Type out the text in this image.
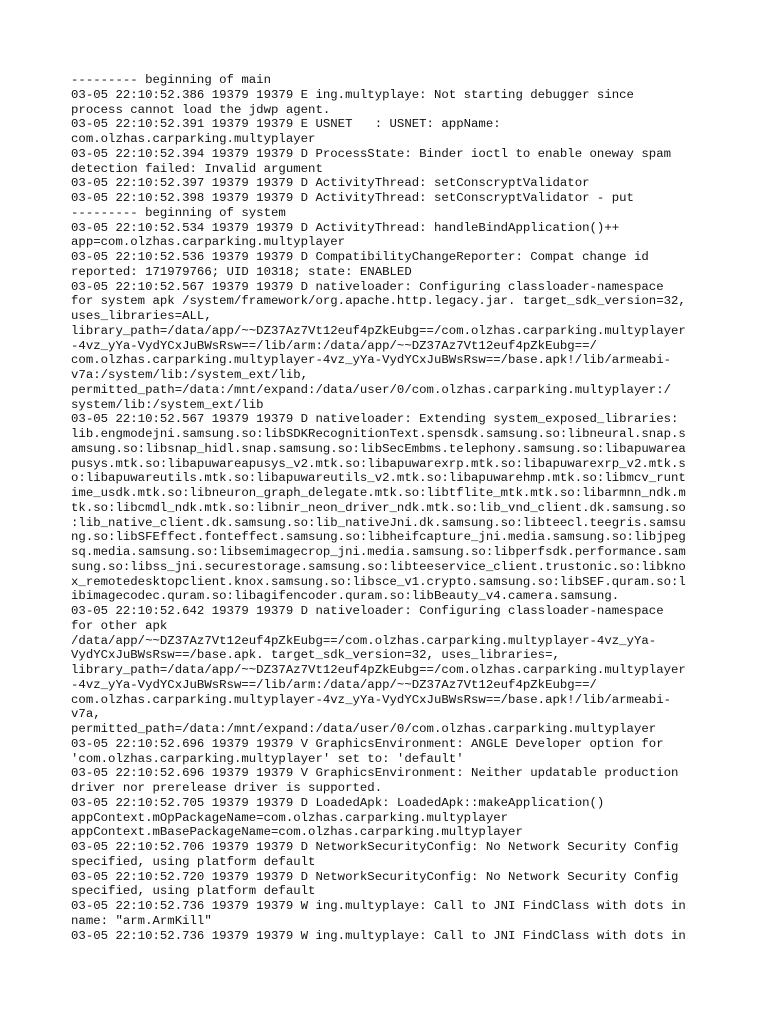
--------- beginning of main
03-05 22:10:52.386 19379 19379 E ing.multyplaye: Not starting debugger since
process cannot load the jdwp agent.
03-05 22:10:52.391 19379 19379 E USNET   : USNET: appName:
com.olzhas.carparking.multyplayer
03-05 22:10:52.394 19379 19379 D ProcessState: Binder ioctl to enable oneway spam
detection failed: Invalid argument
03-05 22:10:52.397 19379 19379 D ActivityThread: setConscryptValidator
03-05 22:10:52.398 19379 19379 D ActivityThread: setConscryptValidator - put
--------- beginning of system
03-05 22:10:52.534 19379 19379 D ActivityThread: handleBindApplication()++
app=com.olzhas.carparking.multyplayer
03-05 22:10:52.536 19379 19379 D CompatibilityChangeReporter: Compat change id
reported: 171979766; UID 10318; state: ENABLED
03-05 22:10:52.567 19379 19379 D nativeloader: Configuring classloader-namespace
for system apk /system/framework/org.apache.http.legacy.jar. target_sdk_version=32,
uses_libraries=ALL,
library_path=/data/app/~~DZ37Az7Vt12euf4pZkEubg==/com.olzhas.carparking.multyplayer
-4vz_yYa-VydYCxJuBWsRsw==/lib/arm:/data/app/~~DZ37Az7Vt12euf4pZkEubg==/
com.olzhas.carparking.multyplayer-4vz_yYa-VydYCxJuBWsRsw==/base.apk!/lib/armeabi-
v7a:/system/lib:/system_ext/lib,
permitted_path=/data:/mnt/expand:/data/user/0/com.olzhas.carparking.multyplayer:/
system/lib:/system_ext/lib
03-05 22:10:52.567 19379 19379 D nativeloader: Extending system_exposed_libraries:
lib.engmodejni.samsung.so:libSDKRecognitionText.spensdk.samsung.so:libneural.snap.s
amsung.so:libsnap_hidl.snap.samsung.so:libSecEmbms.telephony.samsung.so:libapuwarea
pusys.mtk.so:libapuwareapusys_v2.mtk.so:libapuwarexrp.mtk.so:libapuwarexrp_v2.mtk.s
o:libapuwareutils.mtk.so:libapuwareutils_v2.mtk.so:libapuwarehmp.mtk.so:libmcv_runt
ime_usdk.mtk.so:libneuron_graph_delegate.mtk.so:libtflite_mtk.mtk.so:libarmnn_ndk.m
tk.so:libcmdl_ndk.mtk.so:libnir_neon_driver_ndk.mtk.so:lib_vnd_client.dk.samsung.so
:lib_native_client.dk.samsung.so:lib_nativeJni.dk.samsung.so:libteecl.teegris.samsu
ng.so:libSFEffect.fonteffect.samsung.so:libheifcapture_jni.media.samsung.so:libjpeg
sq.media.samsung.so:libsemimagecrop_jni.media.samsung.so:libperfsdk.performance.sam
sung.so:libss_jni.securestorage.samsung.so:libteeservice_client.trustonic.so:libkno
x_remotedesktopclient.knox.samsung.so:libsce_v1.crypto.samsung.so:libSEF.quram.so:l
ibimagecodec.quram.so:libagifencoder.quram.so:libBeauty_v4.camera.samsung.
03-05 22:10:52.642 19379 19379 D nativeloader: Configuring classloader-namespace
for other apk
/data/app/~~DZ37Az7Vt12euf4pZkEubg==/com.olzhas.carparking.multyplayer-4vz_yYa-
VydYCxJuBWsRsw==/base.apk. target_sdk_version=32, uses_libraries=,
library_path=/data/app/~~DZ37Az7Vt12euf4pZkEubg==/com.olzhas.carparking.multyplayer
-4vz_yYa-VydYCxJuBWsRsw==/lib/arm:/data/app/~~DZ37Az7Vt12euf4pZkEubg==/
com.olzhas.carparking.multyplayer-4vz_yYa-VydYCxJuBWsRsw==/base.apk!/lib/armeabi-
v7a,
permitted_path=/data:/mnt/expand:/data/user/0/com.olzhas.carparking.multyplayer
03-05 22:10:52.696 19379 19379 V GraphicsEnvironment: ANGLE Developer option for
'com.olzhas.carparking.multyplayer' set to: 'default'
03-05 22:10:52.696 19379 19379 V GraphicsEnvironment: Neither updatable production
driver nor prerelease driver is supported.
03-05 22:10:52.705 19379 19379 D LoadedApk: LoadedApk::makeApplication()
appContext.mOpPackageName=com.olzhas.carparking.multyplayer
appContext.mBasePackageName=com.olzhas.carparking.multyplayer
03-05 22:10:52.706 19379 19379 D NetworkSecurityConfig: No Network Security Config
specified, using platform default
03-05 22:10:52.720 19379 19379 D NetworkSecurityConfig: No Network Security Config
specified, using platform default
03-05 22:10:52.736 19379 19379 W ing.multyplaye: Call to JNI FindClass with dots in
name: "arm.ArmKill"
03-05 22:10:52.736 19379 19379 W ing.multyplaye: Call to JNI FindClass with dots in
